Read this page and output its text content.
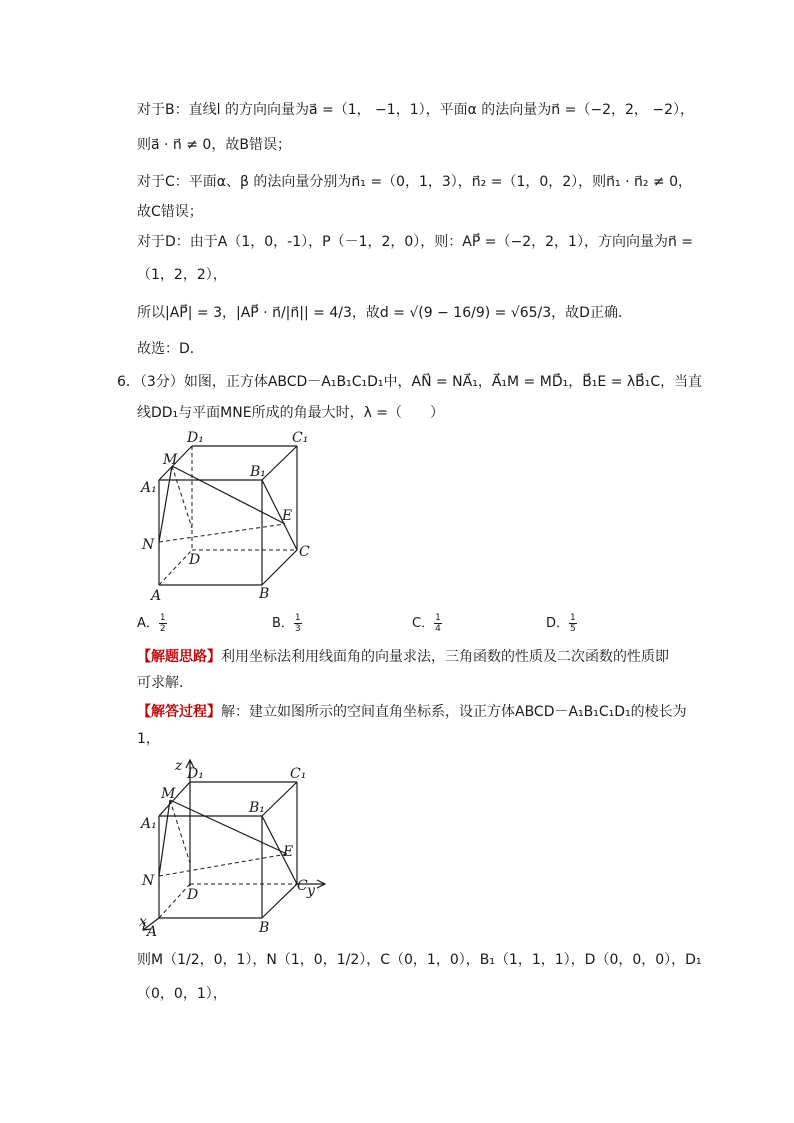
对于B：直线l 的方向向量为a⃗ =（1，﻿﻿ −1，1），平面α 的法向量为n⃗ =（−2，2，﻿﻿ −2），
则a⃗ · n⃗ ≠ 0，故B错误；
对于C：平面α、β 的法向量分别为n⃗₁ =（0，1，3），n⃗₂ =（1，0，2），则n⃗₁ · n⃗₂ ≠ 0，
故C错误；
对于D：由于A（1，0，-1），P（－1，2，0），则：AP⃗ =（−2，2，1），方向向量为n⃗ =
（1，2，2），
所以|AP⃗| = 3，|AP⃗ · n⃗/|n⃗|| = 4/3，故d = √(9 − 16/9) = √65/3，故D正确．
故选：D．
6．（3分）如图，正方体ABCD－A₁B₁C₁D₁中，AN⃗ = NA⃗₁，A⃗₁M = MD⃗₁，B⃗₁E = λB⃗₁C，当直
线DD₁与平面MNE所成的角最大时，λ =（　　）
D₁	C₁
M
B₁
A₁
E
N
D	C
A	B
A． $\frac{1}{2}$	B． $\frac{1}{3}$	C． $\frac{1}{4}$	D． $\frac{1}{5}$
【解题思路】利用坐标法利用线面角的向量求法，三角函数的性质及二次函数的性质即
可求解．
【解答过程】解：建立如图所示的空间直角坐标系，设正方体ABCD－A₁B₁C₁D₁的棱长为
1，
z D₁	C₁
M
B₁
A₁
E
N
D
C y
A
x	B
则M（1/2，0，1），N（1，0，1/2），C（0，1，0），B₁（1，1，1），D（0，0，0），D₁
（0，0，1），
